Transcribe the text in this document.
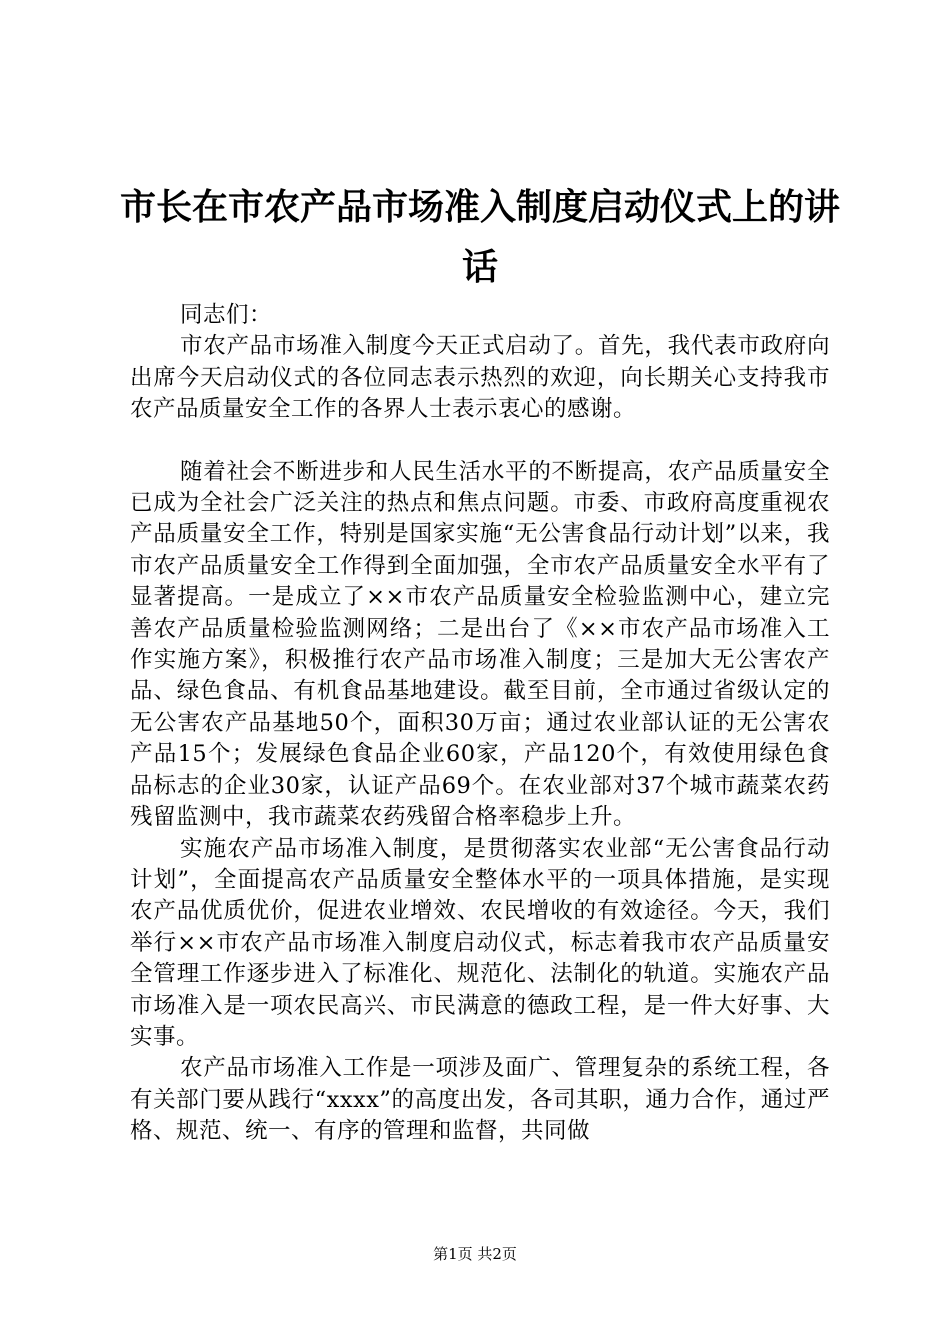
市长在市农产品市场准入制度启动仪式上的讲
话

同志们：

市农产品市场准入制度今天正式启动了。首先，我代表市政府向出席今天启动仪式的各位同志表示热烈的欢迎，向长期关心支持我市农产品质量安全工作的各界人士表示衷心的感谢。

随着社会不断进步和人民生活水平的不断提高，农产品质量安全已成为全社会广泛关注的热点和焦点问题。市委、市政府高度重视农产品质量安全工作，特别是国家实施“无公害食品行动计划”以来，我市农产品质量安全工作得到全面加强，全市农产品质量安全水平有了显著提高。一是成立了××市农产品质量安全检验监测中心，建立完善农产品质量检验监测网络；二是出台了《××市农产品市场准入工作实施方案》，积极推行农产品市场准入制度；三是加大无公害农产品、绿色食品、有机食品基地建设。截至目前，全市通过省级认定的无公害农产品基地50个，面积30万亩；通过农业部认证的无公害农产品15个；发展绿色食品企业60家，产品120个，有效使用绿色食品标志的企业30家，认证产品69个。在农业部对37个城市蔬菜农药残留监测中，我市蔬菜农药残留合格率稳步上升。

实施农产品市场准入制度，是贯彻落实农业部“无公害食品行动计划”，全面提高农产品质量安全整体水平的一项具体措施，是实现农产品优质优价，促进农业增效、农民增收的有效途径。今天，我们举行××市农产品市场准入制度启动仪式，标志着我市农产品质量安全管理工作逐步进入了标准化、规范化、法制化的轨道。实施农产品市场准入是一项农民高兴、市民满意的德政工程，是一件大好事、大实事。

农产品市场准入工作是一项涉及面广、管理复杂的系统工程，各有关部门要从践行“xxxx”的高度出发，各司其职，通力合作，通过严格、规范、统一、有序的管理和监督，共同做

第1页 共2页
